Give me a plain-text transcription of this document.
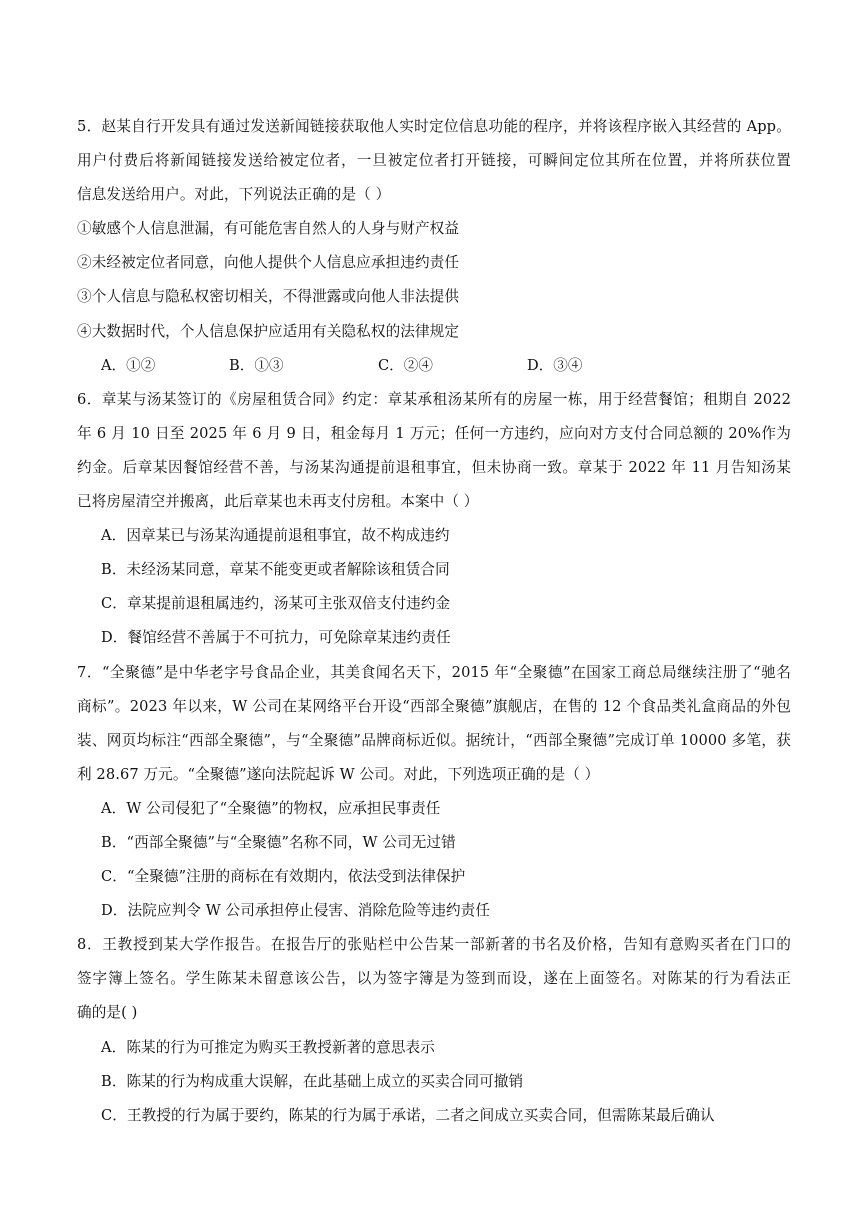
5．赵某自行开发具有通过发送新闻链接获取他人实时定位信息功能的程序，并将该程序嵌入其经营的 App。
用户付费后将新闻链接发送给被定位者，一旦被定位者打开链接，可瞬间定位其所在位置，并将所获位置
信息发送给用户。对此，下列说法正确的是（ ）
①敏感个人信息泄漏，有可能危害自然人的人身与财产权益
②未经被定位者同意，向他人提供个人信息应承担违约责任
③个人信息与隐私权密切相关，不得泄露或向他人非法提供
④大数据时代，个人信息保护应适用有关隐私权的法律规定
A．①②	B．①③	C．②④	D．③④
6．章某与汤某签订的《房屋租赁合同》约定：章某承租汤某所有的房屋一栋，用于经营餐馆；租期自 2022
年 6 月 10 日至 2025 年 6 月 9 日，租金每月 1 万元；任何一方违约，应向对方支付合同总额的 20%作为
约金。后章某因餐馆经营不善，与汤某沟通提前退租事宜，但未协商一致。章某于 2022 年 11 月告知汤某
已将房屋清空并搬离，此后章某也未再支付房租。本案中（ ）
A．因章某已与汤某沟通提前退租事宜，故不构成违约
B．未经汤某同意，章某不能变更或者解除该租赁合同
C．章某提前退租属违约，汤某可主张双倍支付违约金
D．餐馆经营不善属于不可抗力，可免除章某违约责任
7．“全聚德”是中华老字号食品企业，其美食闻名天下，2015 年“全聚德”在国家工商总局继续注册了“驰名
商标”。2023 年以来，W 公司在某网络平台开设“西部全聚德”旗舰店，在售的 12 个食品类礼盒商品的外包
装、网页均标注“西部全聚德”，与“全聚德”品牌商标近似。据统计，“西部全聚德”完成订单 10000 多笔，获
利 28.67 万元。“全聚德”遂向法院起诉 W 公司。对此，下列选项正确的是（ ）
A．W 公司侵犯了“全聚德”的物权，应承担民事责任
B．“西部全聚德”与“全聚德”名称不同，W 公司无过错
C．“全聚德”注册的商标在有效期内，依法受到法律保护
D．法院应判令 W 公司承担停止侵害、消除危险等违约责任
8．王教授到某大学作报告。在报告厅的张贴栏中公告某一部新著的书名及价格，告知有意购买者在门口的
签字簿上签名。学生陈某未留意该公告，以为签字簿是为签到而设，遂在上面签名。对陈某的行为看法正
确的是( )
A．陈某的行为可推定为购买王教授新著的意思表示
B．陈某的行为构成重大误解，在此基础上成立的买卖合同可撤销
C．王教授的行为属于要约，陈某的行为属于承诺，二者之间成立买卖合同，但需陈某最后确认
